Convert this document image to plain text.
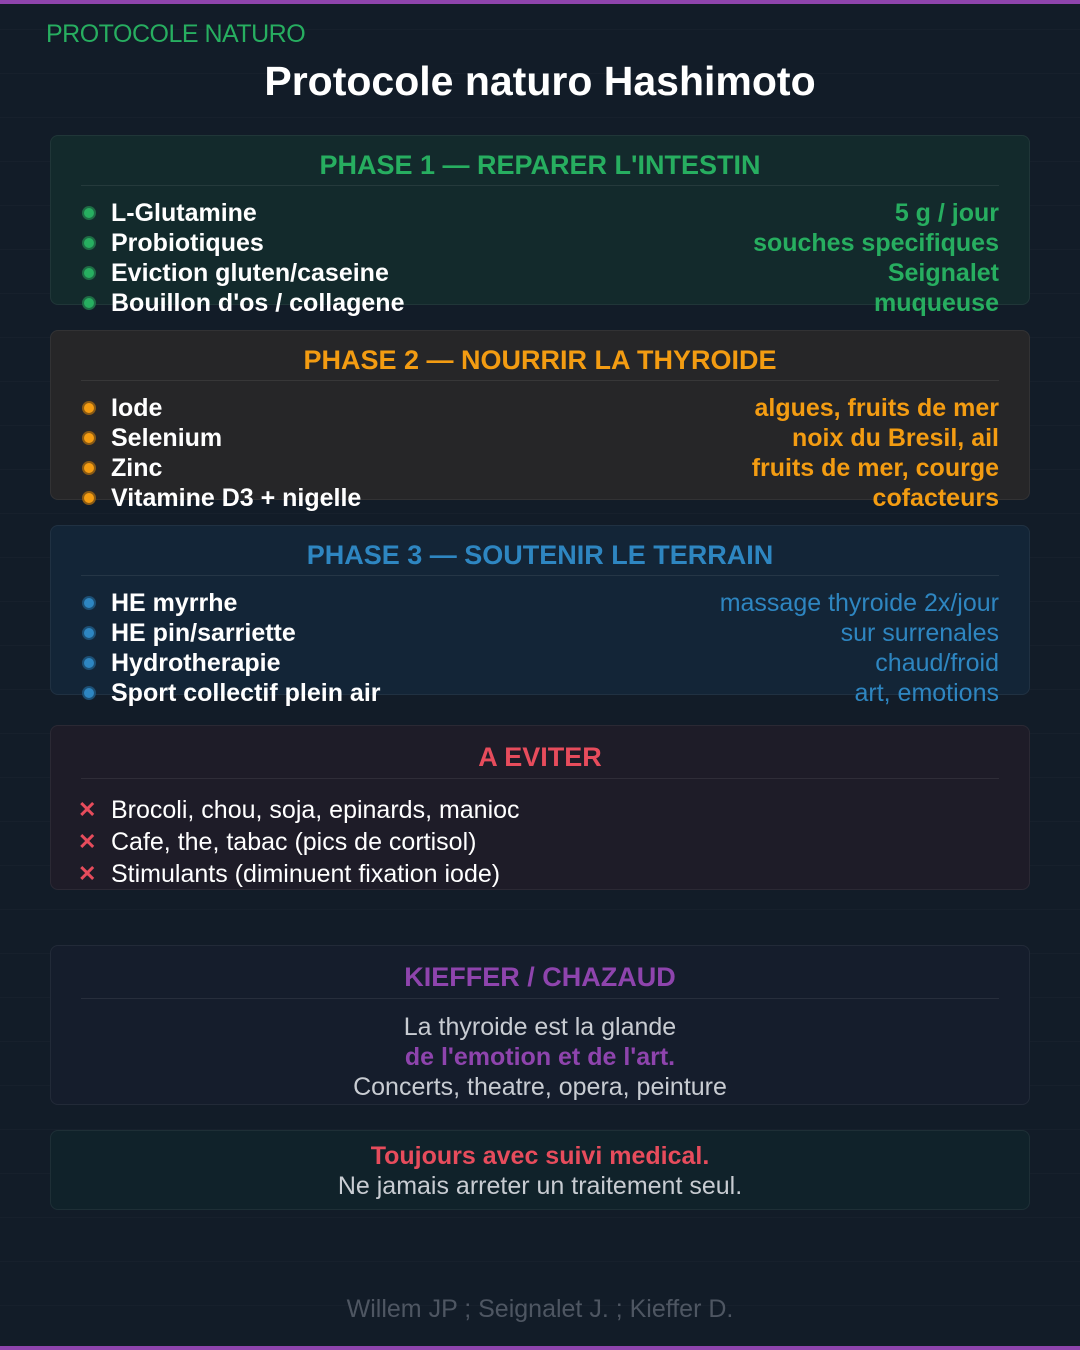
PROTOCOLE NATURO
Protocole naturo Hashimoto
PHASE 1 — REPARER L'INTESTIN
L-Glutamine	5 g / jour
Probiotiques	souches specifiques
Eviction gluten/caseine	Seignalet
Bouillon d'os / collagene	muqueuse
PHASE 2 — NOURRIR LA THYROIDE
Iode	algues, fruits de mer
Selenium	noix du Bresil, ail
Zinc	fruits de mer, courge
Vitamine D3 + nigelle	cofacteurs
PHASE 3 — SOUTENIR LE TERRAIN
HE myrrhe	massage thyroide 2x/jour
HE pin/sarriette	sur surrenales
Hydrotherapie	chaud/froid
Sport collectif plein air	art, emotions
A EVITER
✕ Brocoli, chou, soja, epinards, manioc
✕ Cafe, the, tabac (pics de cortisol)
✕ Stimulants (diminuent fixation iode)
KIEFFER / CHAZAUD
La thyroide est la glande
de l'emotion et de l'art.
Concerts, theatre, opera, peinture
Toujours avec suivi medical.
Ne jamais arreter un traitement seul.
Willem JP ; Seignalet J. ; Kieffer D.
